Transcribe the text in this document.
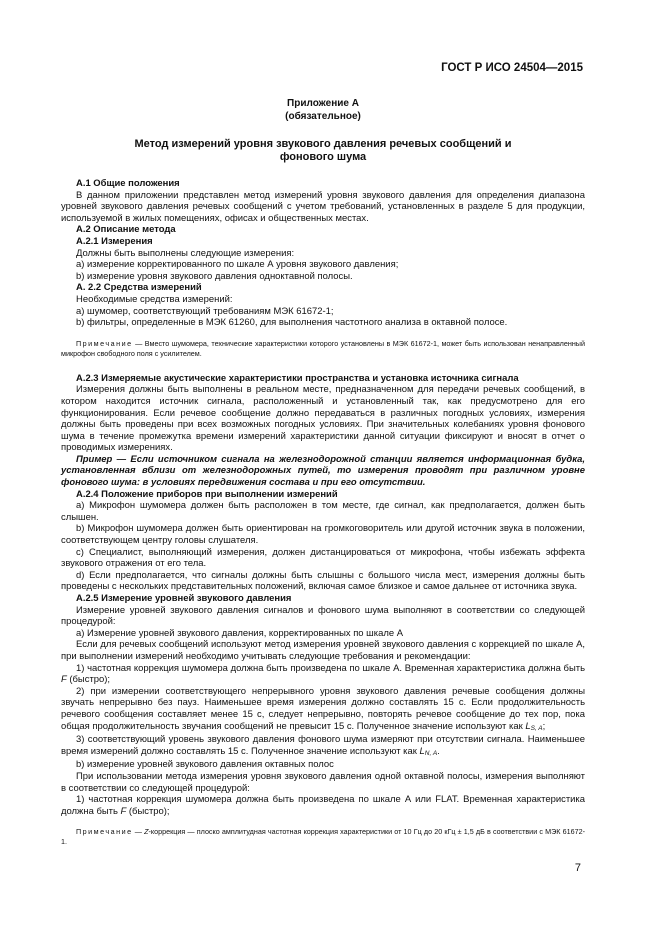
ГОСТ Р ИСО 24504—2015
Приложение А
(обязательное)
Метод измерений уровня звукового давления речевых сообщений и
фонового шума

А.1 Общие положения

В данном приложении представлен метод измерений уровня звукового давления для определения диапазона уровней звукового давления речевых сообщений с учетом требований, установленных в разделе 5 для продукции, используемой в жилых помещениях, офисах и общественных местах.

А.2 Описание метода

А.2.1 Измерения

Должны быть выполнены следующие измерения:

a) измерение корректированного по шкале А уровня звукового давления;

b) измерение уровня звукового давления одноктавной полосы.

А. 2.2 Средства измерений

Необходимые средства измерений:

a) шумомер, соответствующий требованиям МЭК 61672-1;

b) фильтры, определенные в МЭК 61260, для выполнения частотного анализа в октавной полосе.

Примечание — Вместо шумомера, технические характеристики которого установлены в МЭК 61672-1, может быть использован ненаправленный микрофон свободного поля с усилителем.

А.2.3 Измеряемые акустические характеристики пространства и установка источника сигнала

Измерения должны быть выполнены в реальном месте, предназначенном для передачи речевых сообщений, в котором находится источник сигнала, расположенный и установленный так, как предусмотрено для его функционирования. Если речевое сообщение должно передаваться в различных погодных условиях, измерения должны быть проведены при всех возможных погодных условиях. При значительных колебаниях уровня фонового шума в течение промежутка времени измерений характеристики данной ситуации фиксируют и вносят в отчет о проводимых измерениях.

Пример — Если источником сигнала на железнодорожной станции является информационная будка, установленная вблизи от железнодорожных путей, то измерения проводят при различном уровне фонового шума: в условиях передвижения состава и при его отсутствии.

А.2.4 Положение приборов при выполнении измерений

a) Микрофон шумомера должен быть расположен в том месте, где сигнал, как предполагается, должен быть слышен.

b) Микрофон шумомера должен быть ориентирован на громкоговоритель или другой источник звука в положении, соответствующем центру головы слушателя.

c) Специалист, выполняющий измерения, должен дистанцироваться от микрофона, чтобы избежать эффекта звукового отражения от его тела.

d) Если предполагается, что сигналы должны быть слышны с большого числа мест, измерения должны быть проведены с нескольких представительных положений, включая самое близкое и самое дальнее от источника звука.

А.2.5 Измерение уровней звукового давления

Измерение уровней звукового давления сигналов и фонового шума выполняют в соответствии со следующей процедурой:

a) Измерение уровней звукового давления, корректированных по шкале А

Если для речевых сообщений используют метод измерения уровней звукового давления с коррекцией по шкале А, при выполнении измерений необходимо учитывать следующие требования и рекомендации:

1) частотная коррекция шумомера должна быть произведена по шкале А. Временная характеристика должна быть F (быстро);

2) при измерении соответствующего непрерывного уровня звукового давления речевые сообщения должны звучать непрерывно без пауз. Наименьшее время измерения должно составлять 15 с. Если продолжительность речевого сообщения составляет менее 15 с, следует непрерывно, повторять речевое сообщение до тех пор, пока общая продолжительность звучания сообщений не превысит 15 с. Полученное значение используют как LS, A;

3) соответствующий уровень звукового давления фонового шума измеряют при отсутствии сигнала. Наименьшее время измерений должно составлять 15 с. Полученное значение используют как LN, A.

b) измерение уровней звукового давления октавных полос

При использовании метода измерения уровня звукового давления одной октавной полосы, измерения выполняют в соответствии со следующей процедурой:

1) частотная коррекция шумомера должна быть произведена по шкале А или FLAT. Временная характеристика должна быть F (быстро);

Примечание — Z-коррекция — плоско амплитудная частотная коррекция характеристики от 10 Гц до 20 кГц ± 1,5 дБ в соответствии с МЭК 61672-1.
7
